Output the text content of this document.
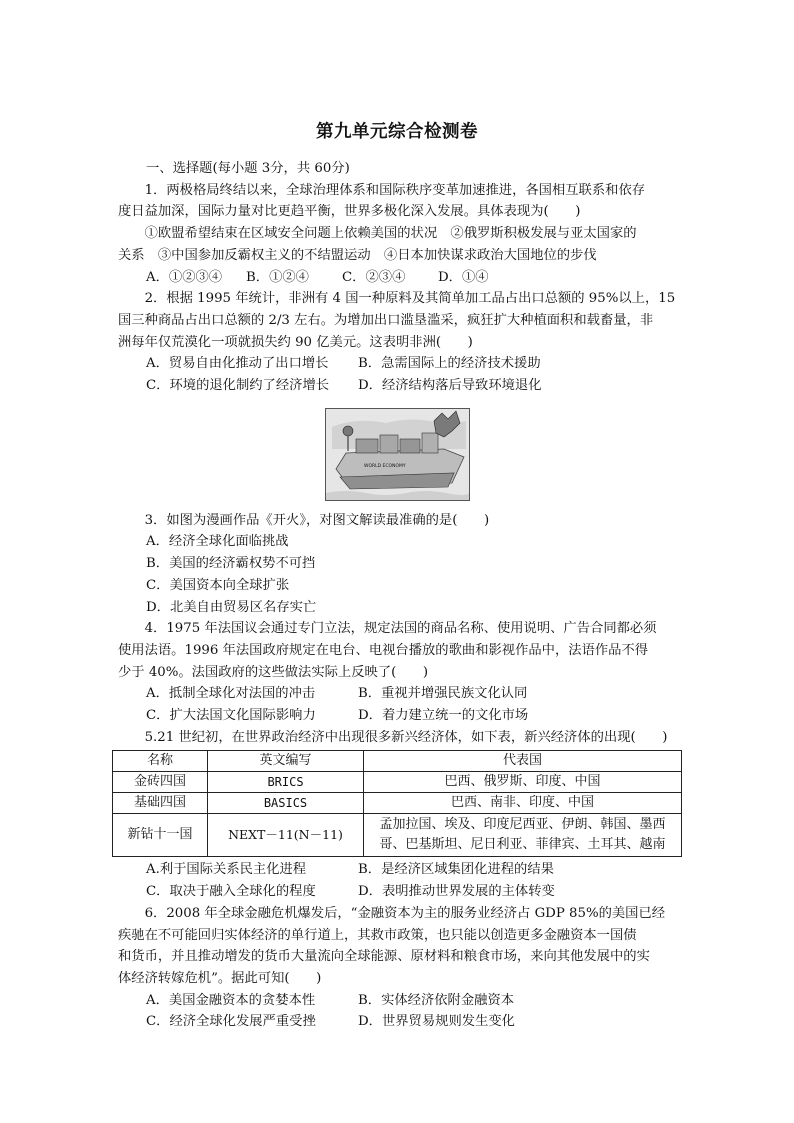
第九单元综合检测卷

一、选择题(每小题 3分，共 60分)

1．两极格局终结以来，全球治理体系和国际秩序变革加速推进，各国相互联系和依存

度日益加深，国际力量对比更趋平衡，世界多极化深入发展。具体表现为(　　)

①欧盟希望结束在区域安全问题上依赖美国的状况　②俄罗斯积极发展与亚太国家的

关系　③中国参加反霸权主义的不结盟运动　④日本加快谋求政治大国地位的步伐

A．①②③④ B．①②④ C．②③④ D．①④

2．根据 1995 年统计，非洲有 4 国一种原料及其简单加工品占出口总额的 95%以上，15

国三种商品占出口总额的 2/3 左右。为增加出口滥垦滥采，疯狂扩大种植面积和载畜量，非

洲每年仅荒漠化一项就损失约 90 亿美元。这表明非洲(　　)

A．贸易自由化推动了出口增长 B．急需国际上的经济技术援助
C．环境的退化制约了经济增长 D．经济结构落后导致环境退化
WORLD ECONOMY

3．如图为漫画作品《开火》，对图文解读最准确的是(　　)

A．经济全球化面临挑战

B．美国的经济霸权势不可挡

C．美国资本向全球扩张

D．北美自由贸易区名存实亡

4．1975 年法国议会通过专门立法，规定法国的商品名称、使用说明、广告合同都必须

使用法语。1996 年法国政府规定在电台、电视台播放的歌曲和影视作品中，法语作品不得

少于 40%。法国政府的这些做法实际上反映了(　　)

A．抵制全球化对法国的冲击	B．重视并增强民族文化认同
C．扩大法国文化国际影响力	D．着力建立统一的文化市场

5.21 世纪初，在世界政治经济中出现很多新兴经济体，如下表，新兴经济体的出现(　　)

名称	英文编写	代表国
金砖四国	BRICS	巴西、俄罗斯、印度、中国
基础四国	BASICS	巴西、南非、印度、中国
新钻十一国	NEXT－11(N－11)	孟加拉国、埃及、印度尼西亚、伊朗、韩国、墨西
哥、巴基斯坦、尼日利亚、菲律宾、土耳其、越南
A.利于国际关系民主化进程	B．是经济区域集团化进程的结果
C．取决于融入全球化的程度	D．表明推动世界发展的主体转变

6．2008 年全球金融危机爆发后，“金融资本为主的服务业经济占 GDP 85%的美国已经

疾驰在不可能回归实体经济的单行道上，其救市政策，也只能以创造更多金融资本一国债

和货币，并且推动增发的货币大量流向全球能源、原材料和粮食市场，来向其他发展中的实

体经济转嫁危机”。据此可知(　　)

A．美国金融资本的贪婪本性	B．实体经济依附金融资本
C．经济全球化发展严重受挫	D．世界贸易规则发生变化
